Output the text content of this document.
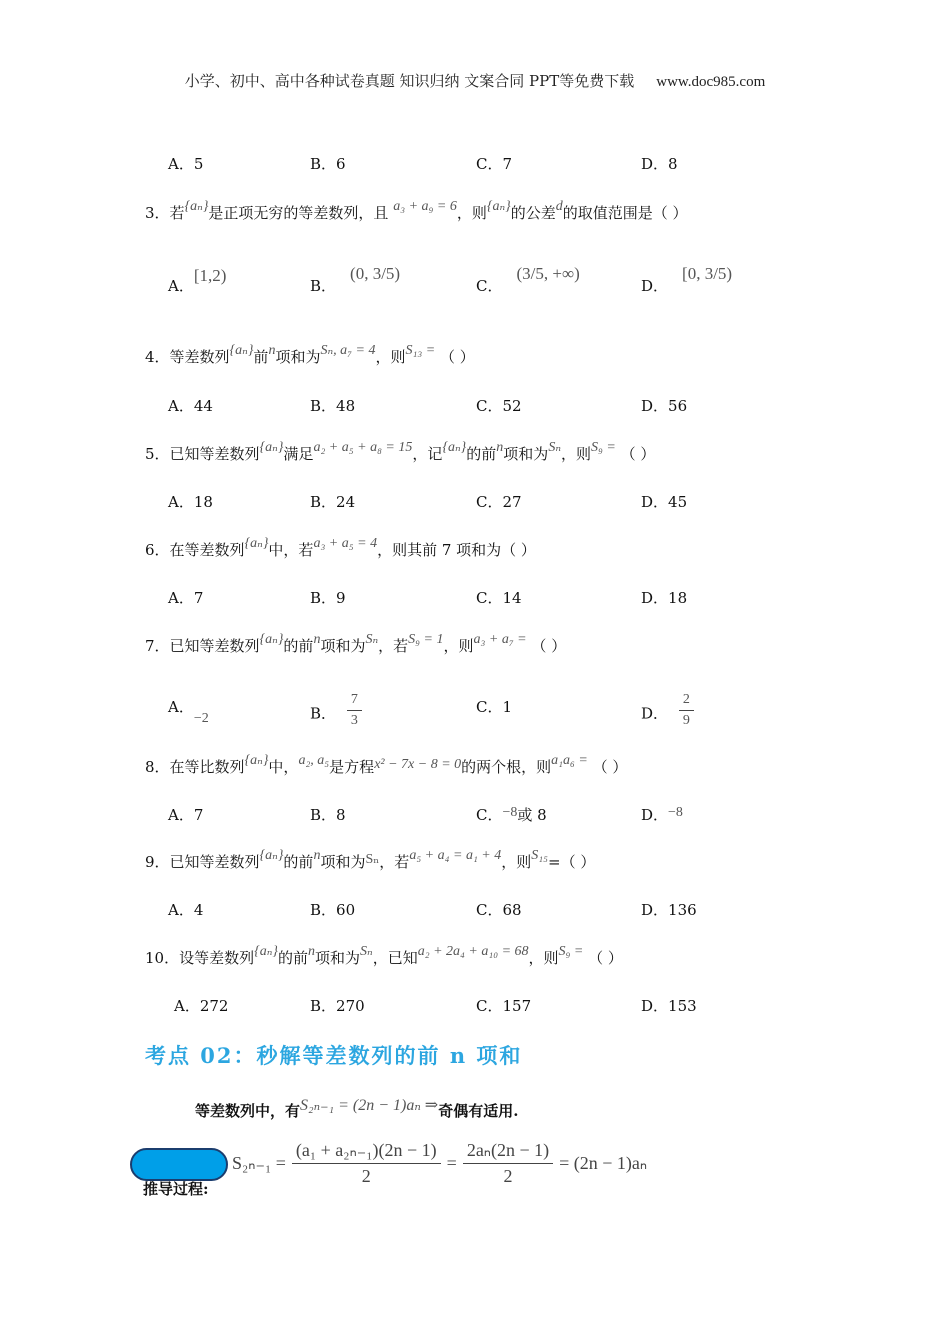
小学、初中、高中各种试卷真题 知识归纳 文案合同 PPT等免费下载 www.doc985.com
A．5	B．6	C．7	D．8
3．若{aₙ}是正项无穷的等差数列，且 a₃ + a₉ = 6，则{aₙ}的公差d的取值范围是（ ）
A．[1,2)
B．(0, 3/5)
C．(3/5, +∞)
D．[0, 3/5)
4．等差数列{aₙ}前n项和为Sₙ, a₇ = 4，则S₁₃ = （ ）
A．44	B．48	C．52	D．56
5．已知等差数列{aₙ}满足a₂ + a₅ + a₈ = 15，记{aₙ}的前n项和为Sₙ，则S₉ = （ ）
A．18	B．24	C．27	D．45
6．在等差数列{aₙ}中，若a₃ + a₅ = 4，则其前 7 项和为（ ）
A．7	B．9	C．14	D．18
7．已知等差数列{aₙ}的前n项和为Sₙ，若S₉ = 1，则a₃ + a₇ = （ ）
A．−2	B． $\frac{7}{3}$	C．1	D． $\frac{2}{9}$
8．在等比数列{aₙ}中，a₂, a₅是方程x² − 7x − 8 = 0的两个根，则a₁a₆ = （ ）
A．7	B．8	C．−8或 8	D．−8
9．已知等差数列{aₙ}的前n项和为Sₙ，若a₅ + a₄ = a₁ + 4，则S₁₅=（ ）
A．4	B．60	C．68	D．136
10．设等差数列{aₙ}的前n项和为Sₙ，已知a₂ + 2a₄ + a₁₀ = 68，则S₉ = （ ）
A．272	B．270	C．157	D．153
考点 02：秒解等差数列的前 n 项和
等差数列中，有S₂ₙ₋₁ = (2n − 1)aₙ ⇒奇偶有适用.
推导过程:
$S_{2n-1} = \frac{\text{(a₁ + a₂ₙ₋₁)(2n − 1)}}{2} = \frac{\text{2aₙ(2n − 1)}}{2} = (2n - 1)a_n$
